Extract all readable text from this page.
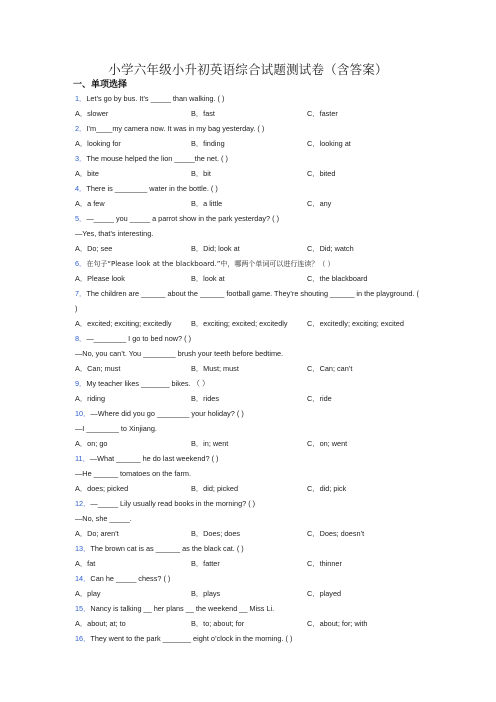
小学六年级小升初英语综合试题测试卷（含答案）
一、单项选择
1．Let’s go by bus. It’s _____ than walking. ( )
A．slower	B．fast	C．faster
2．I’m____my camera now. It was in my bag yesterday. ( )
A．looking for	B．finding	C．looking at
3．The mouse helped the lion _____the net. ( )
A．bite	B．bit	C．bited
4．There is ________ water in the bottle. ( )
A．a few	B．a little	C．any
5．—_____ you _____ a parrot show in the park yesterday? ( )
—Yes, that’s interesting.
A．Do; see	B．Did; look at	C．Did; watch
6．在句子“Please look at the blackboard.”中，哪两个单词可以进行连读？（ ）
A．Please look	B．look at	C．the blackboard
7．The children are ______ about the ______ football game. They’re shouting ______ in the playground. ( )
A．excited; exciting; excitedly	B．exciting; excited; excitedly	C．excitedly; exciting; excited
8．—________ I go to bed now? ( )
—No, you can’t. You ________ brush your teeth before bedtime.
A．Can; must	B．Must; must	C．Can; can’t
9．My teacher likes _______ bikes. （ ）
A．riding	B．rides	C．ride
10．—Where did you go ________ your holiday? ( )
—I ________ to Xinjiang.
A．on; go	B．in; went	C．on; went
11．—What ______ he do last weekend? ( )
—He ______ tomatoes on the farm.
A．does; picked	B．did; picked	C．did; pick
12．—_____ Lily usually read books in the morning? ( )
—No, she _____.
A．Do; aren’t	B．Does; does	C．Does; doesn’t
13．The brown cat is as ______ as the black cat. ( )
A．fat	B．fatter	C．thinner
14．Can he _____ chess? ( )
A．play	B．plays	C．played
15．Nancy is talking __ her plans __ the weekend __ Miss Li.
A．about; at; to	B．to; about; for	C．about; for; with
16．They went to the park _______ eight o’clock in the morning. ( )
